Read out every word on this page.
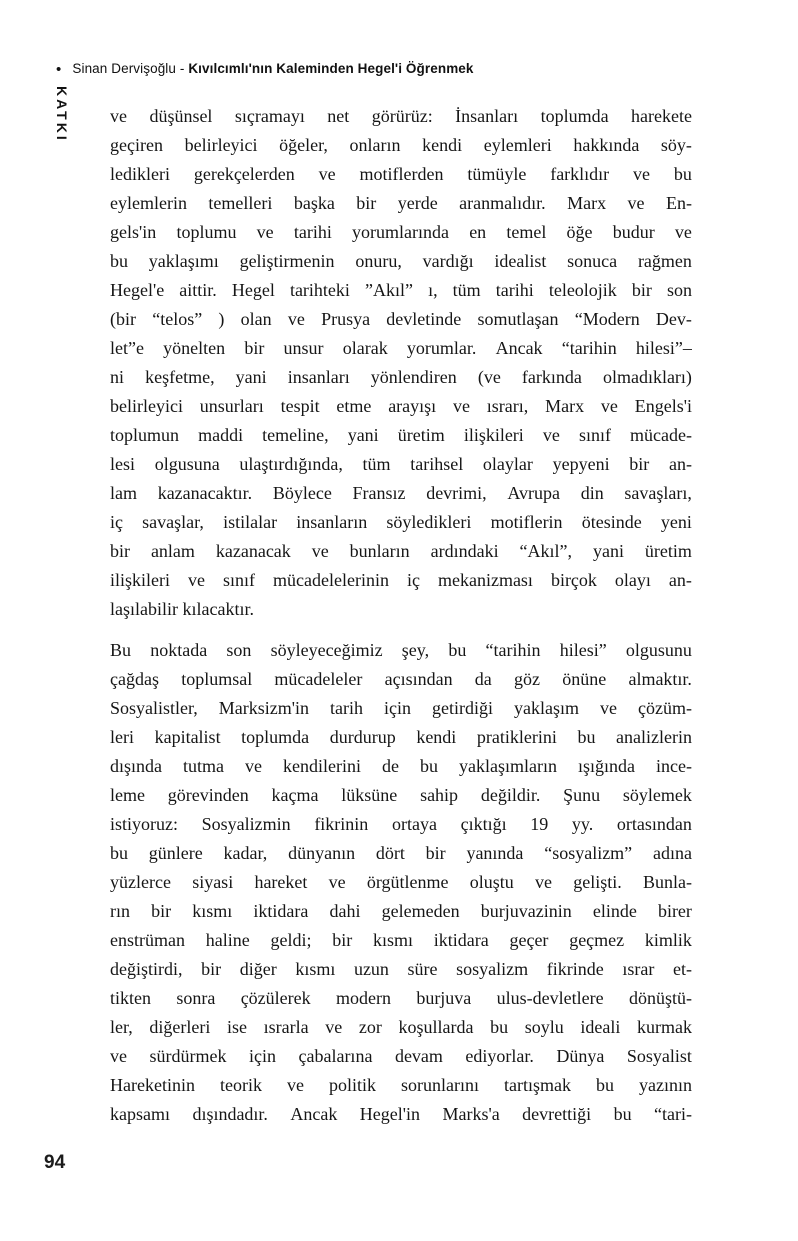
• Sinan Dervişoğlu - Kıvılcımlı'nın Kaleminden Hegel'i Öğrenmek
KATKI ve düşünsel sıçramayı net görürüz: İnsanları toplumda harekete
geçiren belirleyici öğeler, onların kendi eylemleri hakkında söy-
ledikleri gerekçelerden ve motiflerden tümüyle farklıdır ve bu
eylemlerin temelleri başka bir yerde aranmalıdır. Marx ve En-
gels'in toplumu ve tarihi yorumlarında en temel öğe budur ve
bu yaklaşımı geliştirmenin onuru, vardığı idealist sonuca rağmen
Hegel'e aittir. Hegel tarihteki ”Akıl” ı, tüm tarihi teleolojik bir son
(bir “telos” ) olan ve Prusya devletinde somutlaşan “Modern Dev-
let”e yönelten bir unsur olarak yorumlar. Ancak “tarihin hilesi”–
ni keşfetme, yani insanları yönlendiren (ve farkında olmadıkları)
belirleyici unsurları tespit etme arayışı ve ısrarı, Marx ve Engels'i
toplumun maddi temeline, yani üretim ilişkileri ve sınıf mücade-
lesi olgusuna ulaştırdığında, tüm tarihsel olaylar yepyeni bir an-
lam kazanacaktır. Böylece Fransız devrimi, Avrupa din savaşları,
iç savaşlar, istilalar insanların söyledikleri motiflerin ötesinde yeni
bir anlam kazanacak ve bunların ardındaki “Akıl”, yani üretim
ilişkileri ve sınıf mücadelelerinin iç mekanizması birçok olayı an-
laşılabilir kılacaktır.
Bu noktada son söyleyeceğimiz şey, bu “tarihin hilesi” olgusunu
çağdaş toplumsal mücadeleler açısından da göz önüne almaktır.
Sosyalistler, Marksizm'in tarih için getirdiği yaklaşım ve çözüm-
leri kapitalist toplumda durdurup kendi pratiklerini bu analizlerin
dışında tutma ve kendilerini de bu yaklaşımların ışığında ince-
leme görevinden kaçma lüksüne sahip değildir. Şunu söylemek
istiyoruz: Sosyalizmin fikrinin ortaya çıktığı 19 yy. ortasından
bu günlere kadar, dünyanın dört bir yanında “sosyalizm” adına
yüzlerce siyasi hareket ve örgütlenme oluştu ve gelişti. Bunla-
rın bir kısmı iktidara dahi gelemeden burjuvazinin elinde birer
enstrüman haline geldi; bir kısmı iktidara geçer geçmez kimlik
değiştirdi, bir diğer kısmı uzun süre sosyalizm fikrinde ısrar et-
tikten sonra çözülerek modern burjuva ulus-devletlere dönüştü-
ler, diğerleri ise ısrarla ve zor koşullarda bu soylu ideali kurmak
ve sürdürmek için çabalarına devam ediyorlar. Dünya Sosyalist
Hareketinin teorik ve politik sorunlarını tartışmak bu yazının
kapsamı dışındadır. Ancak Hegel'in Marks'a devrettiği bu “tari-
94
